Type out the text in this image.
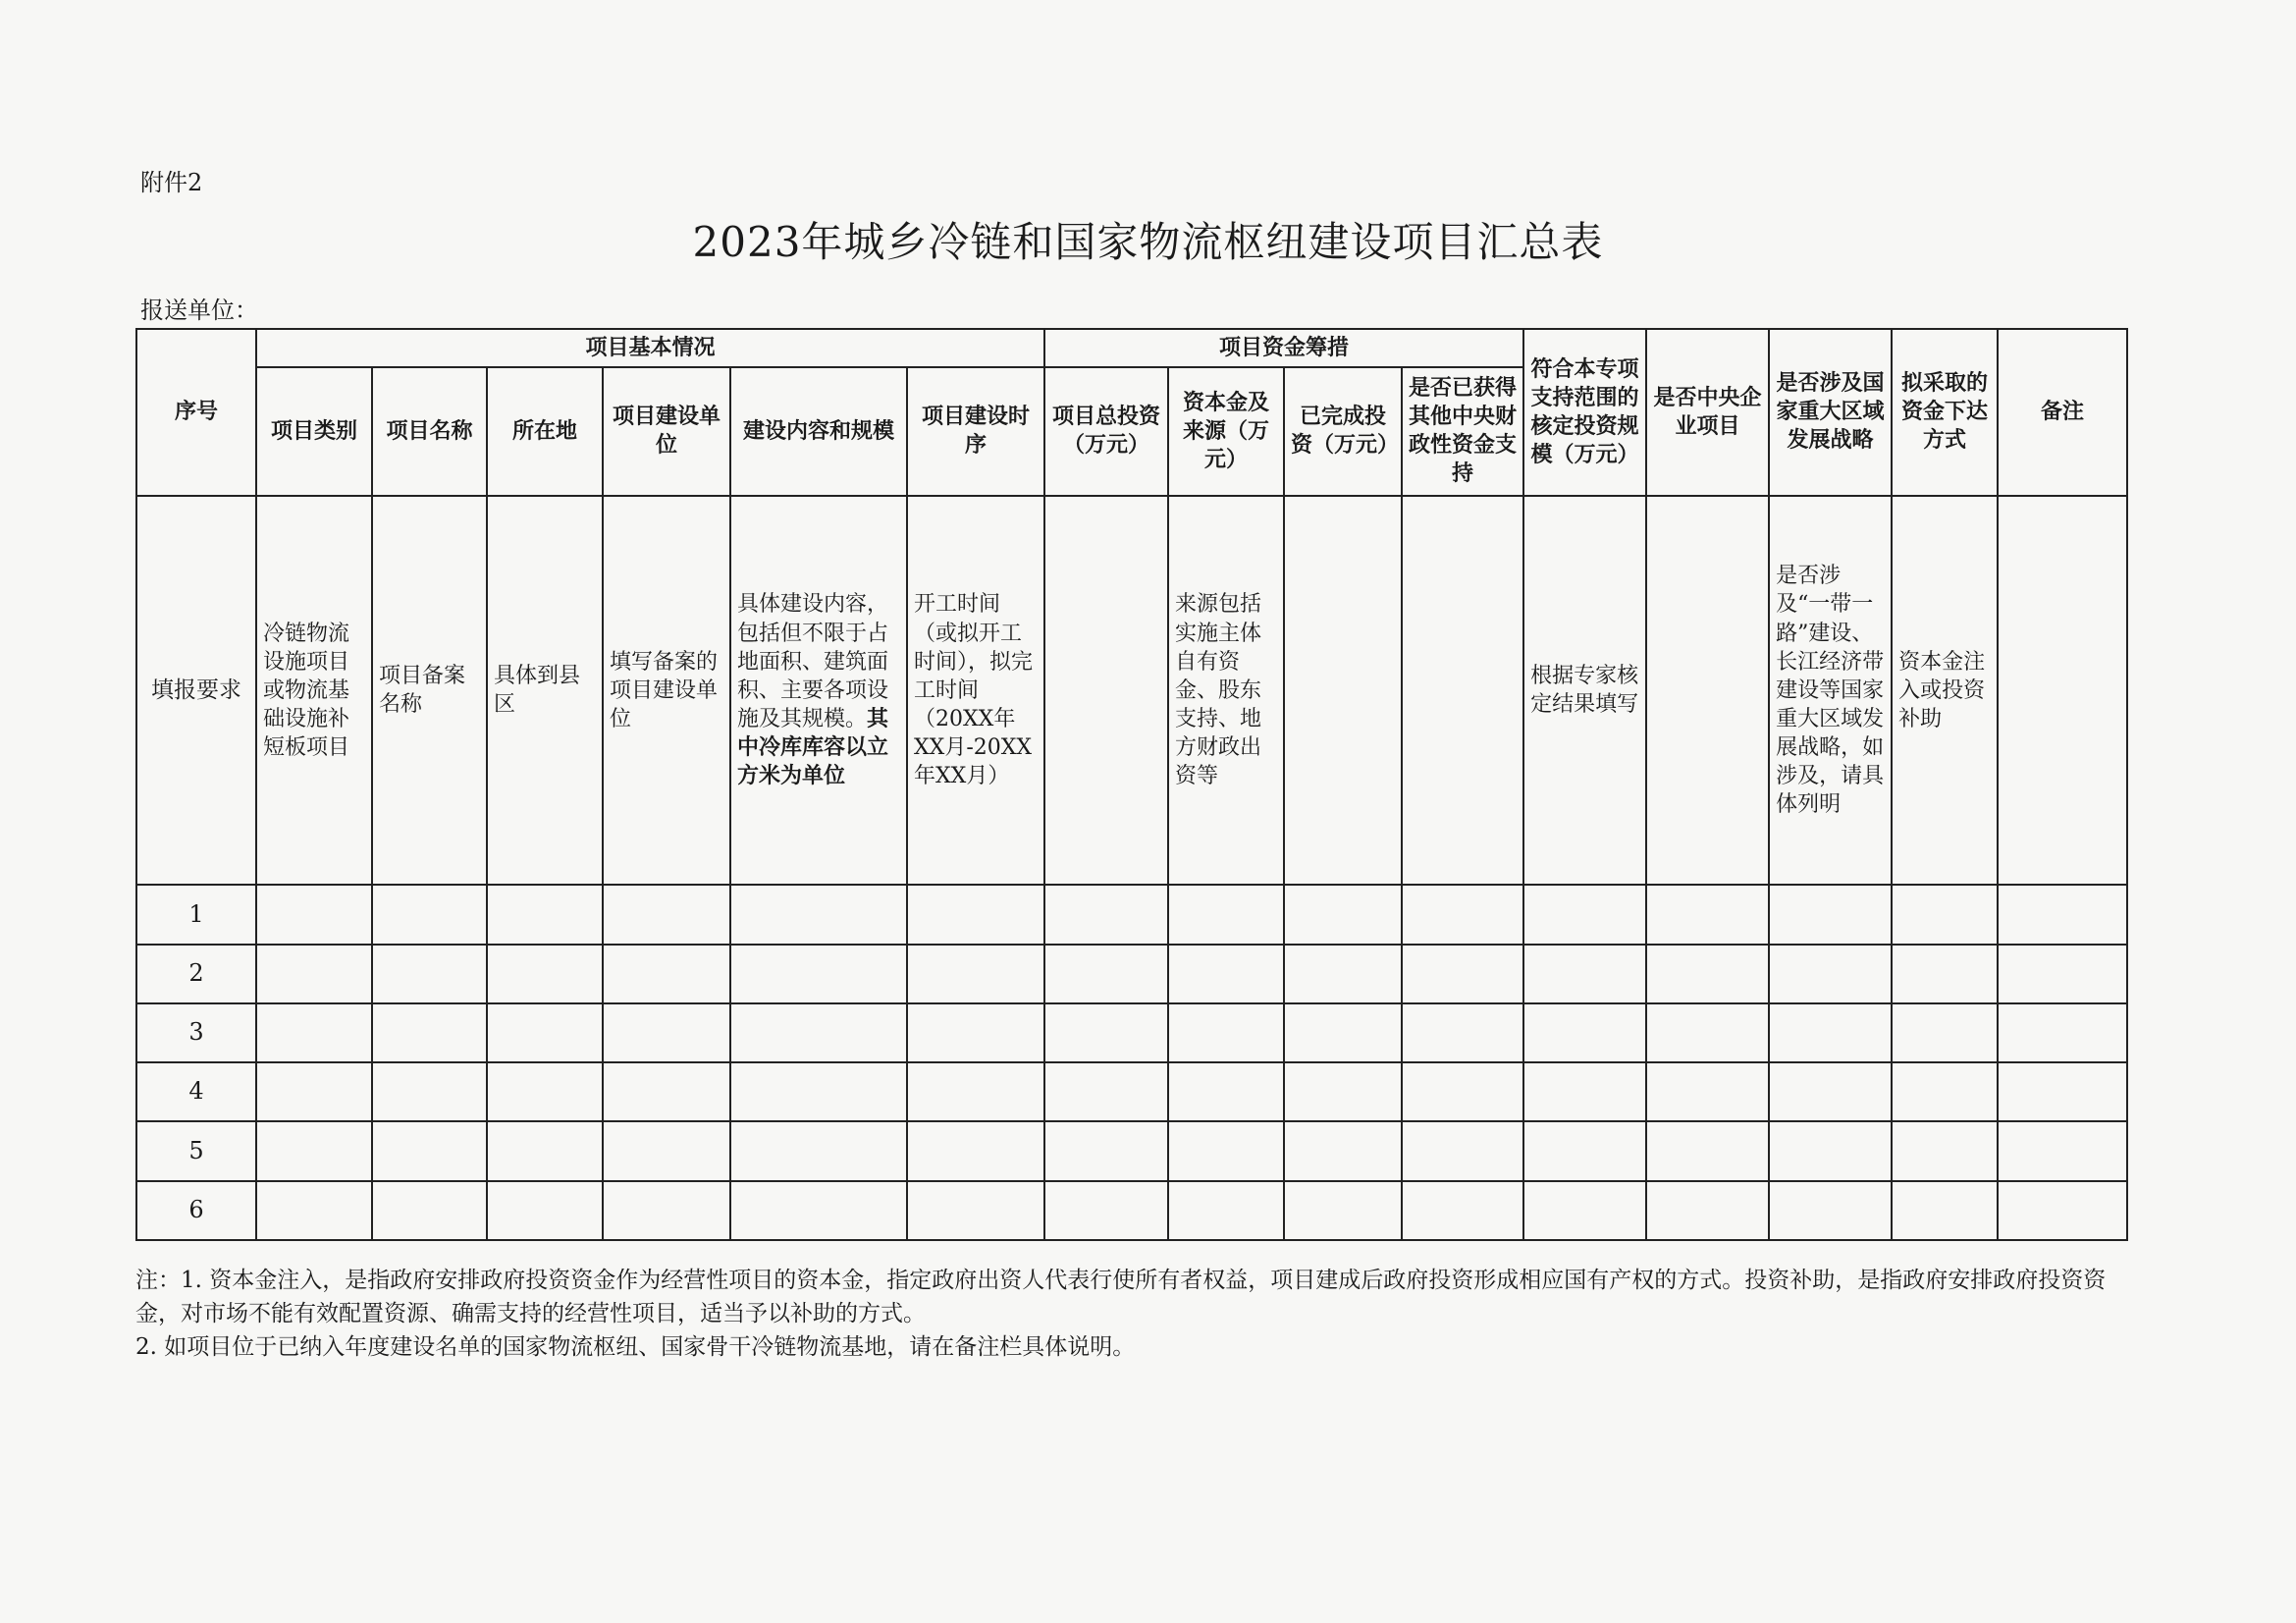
附件2
2023年城乡冷链和国家物流枢纽建设项目汇总表
报送单位：
序号	项目基本情况						项目资金筹措				符合本专项支持范围的核定投资规模（万元）	是否中央企业项目	是否涉及国家重大区域发展战略	拟采取的资金下达方式	备注
	项目类别	项目名称	所在地	项目建设单位	建设内容和规模	项目建设时序	项目总投资（万元）	资本金及来源（万元）	已完成投资（万元）	是否已获得其他中央财政性资金支持					
填报要求	冷链物流设施项目或物流基础设施补短板项目	项目备案名称	具体到县区	填写备案的项目建设单位	具体建设内容，包括但不限于占地面积、建筑面积、主要各项设施及其规模。其中冷库库容以立方米为单位	开工时间（或拟开工时间），拟完工时间（20XX年XX月-20XX年XX月）		来源包括实施主体自有资金、股东支持、地方财政出资等			根据专家核定结果填写		是否涉及“一带一路”建设、长江经济带建设等国家重大区域发展战略，如涉及，请具体列明	资本金注入或投资补助	
1															
2															
3															
4															
5															
6															

注：1. 资本金注入，是指政府安排政府投资资金作为经营性项目的资本金，指定政府出资人代表行使所有者权益，项目建成后政府投资形成相应国有产权的方式。投资补助，是指政府安排政府投资资金，对市场不能有效配置资源、确需支持的经营性项目，适当予以补助的方式。

2. 如项目位于已纳入年度建设名单的国家物流枢纽、国家骨干冷链物流基地，请在备注栏具体说明。
